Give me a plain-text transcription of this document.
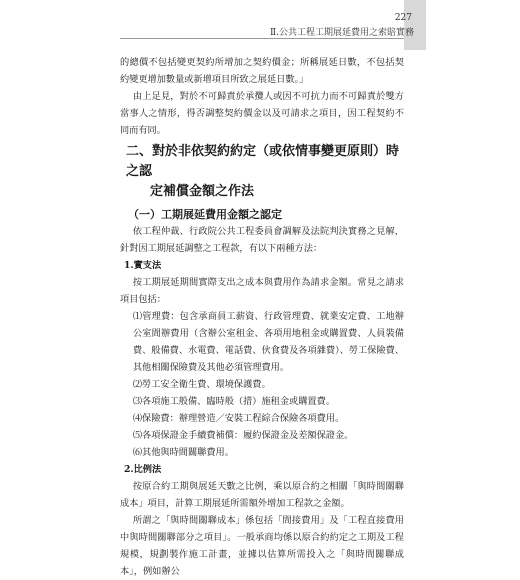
227
Ⅱ.公共工程工期展延費用之索賠實務

的總價不包括變更契約所增加之契約價金；所稱展延日數，不包括契約變更增加數量或新增項目所致之展延日數。」

由上足見，對於不可歸責於承攬人或因不可抗力而不可歸責於雙方當事人之情形，得否調整契約價金以及可請求之項目，因工程契約不同而有同。

二、對於非依契約約定（或依情事變更原則）時之認
定補償金額之作法
（一）工期展延費用金額之認定

依工程仲裁、行政院公共工程委員會調解及法院判決實務之見解，針對因工期展延調整之工程款，有以下兩種方法：

1.實支法

按工期展延期間實際支出之成本與費用作為請求金額。常見之請求項目包括：

⑴管理費：包含承商員工薪資、行政管理費、就業安定費、工地辦公室間辦費用（含辦公室租金、各項用地租金或購置費、人員裝備費、般備費、水電費、電話費、伙食費及各項雜費）、勞工保險費、其他相關保險費及其他必須管理費用。

⑵勞工安全衛生費、環境保護費。

⑶各項施工般備、臨時般（措）施租金或購置費。

⑷保險費：辦理營造／安裝工程綜合保險各項費用。

⑸各項保證金手續費補償：履約保證金及差額保證金。

⑹其他與時間關聯費用。

2.比例法

按原合約工期與展延天數之比例，乘以原合約之相關「與時間關聯成本」項目，計算工期展延所需額外增加工程款之金額。

所謂之「與時間關聯成本」係包括「間接費用」及「工程直接費用中與時間關聯部分之項目」。一般承商均係以原合約約定之工期及工程規模，規劃製作施工計畫，並據以估算所需投入之「與時間關聯成本」，例如辦公
